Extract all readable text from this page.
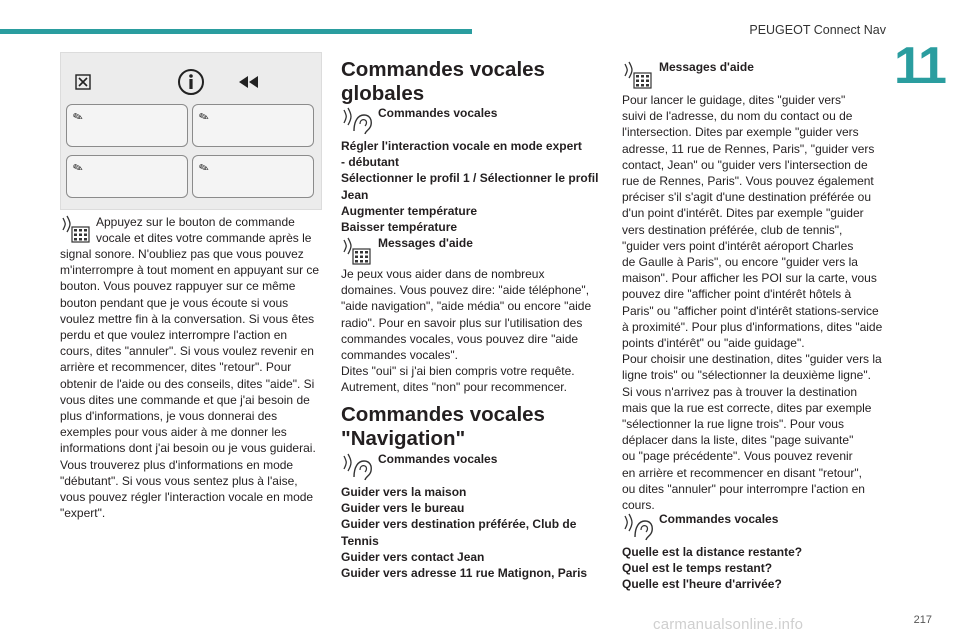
PEUGEOT Connect Nav
11
✎	✎
✎	✎
Appuyez sur le bouton de commande
vocale et dites votre commande après le
signal sonore. N'oubliez pas que vous pouvez
m'interrompre à tout moment en appuyant sur ce
bouton. Vous pouvez rappuyer sur ce même
bouton pendant que je vous écoute si vous
voulez mettre fin à la conversation. Si vous êtes
perdu et que voulez interrompre l'action en
cours, dites "annuler". Si vous voulez revenir en
arrière et recommencer, dites "retour". Pour
obtenir de l'aide ou des conseils, dites "aide". Si
vous dites une commande et que j'ai besoin de
plus d'informations, je vous donnerai des
exemples pour vous aider à me donner les
informations dont j'ai besoin ou je vous guiderai.
Vous trouverez plus d'informations en mode
"débutant". Si vous vous sentez plus à l'aise,
vous pouvez régler l'interaction vocale en mode
"expert".
Commandes vocales
globales
Commandes vocales
Régler l'interaction vocale en mode expert
- débutant
Sélectionner le profil 1 / Sélectionner le profil
Jean
Augmenter température
Baisser température
Messages d'aide
Je peux vous aider dans de nombreux
domaines. Vous pouvez dire: "aide téléphone",
"aide navigation", "aide média" ou encore "aide
radio". Pour en savoir plus sur l'utilisation des
commandes vocales, vous pouvez dire "aide
commandes vocales".
Dites "oui" si j'ai bien compris votre requête.
Autrement, dites "non" pour recommencer.
Commandes vocales
"Navigation"
Commandes vocales
Guider vers la maison
Guider vers le bureau
Guider vers destination préférée, Club de
Tennis
Guider vers contact Jean
Guider vers adresse 11 rue Matignon, Paris
Messages d'aide
Pour lancer le guidage, dites "guider vers"
suivi de l'adresse, du nom du contact ou de
l'intersection. Dites par exemple "guider vers
adresse, 11 rue de Rennes, Paris", "guider vers
contact, Jean" ou "guider vers l'intersection de
rue de Rennes, Paris". Vous pouvez également
préciser s'il s'agit d'une destination préférée ou
d'un point d'intérêt. Dites par exemple "guider
vers destination préférée, club de tennis",
"guider vers point d'intérêt aéroport Charles
de Gaulle à Paris", ou encore "guider vers la
maison". Pour afficher les POI sur la carte, vous
pouvez dire "afficher point d'intérêt hôtels à
Paris" ou "afficher point d'intérêt stations-service
à proximité". Pour plus d'informations, dites "aide
points d'intérêt" ou "aide guidage".
Pour choisir une destination, dites "guider vers la
ligne trois" ou "sélectionner la deuxième ligne".
Si vous n'arrivez pas à trouver la destination
mais que la rue est correcte, dites par exemple
"sélectionner la rue ligne trois". Pour vous
déplacer dans la liste, dites "page suivante"
ou "page précédente". Vous pouvez revenir
en arrière et recommencer en disant "retour",
ou dites "annuler" pour interrompre l'action en
cours.
Commandes vocales
Quelle est la distance restante?
Quel est le temps restant?
Quelle est l'heure d'arrivée?
carmanualsonline.info	217
